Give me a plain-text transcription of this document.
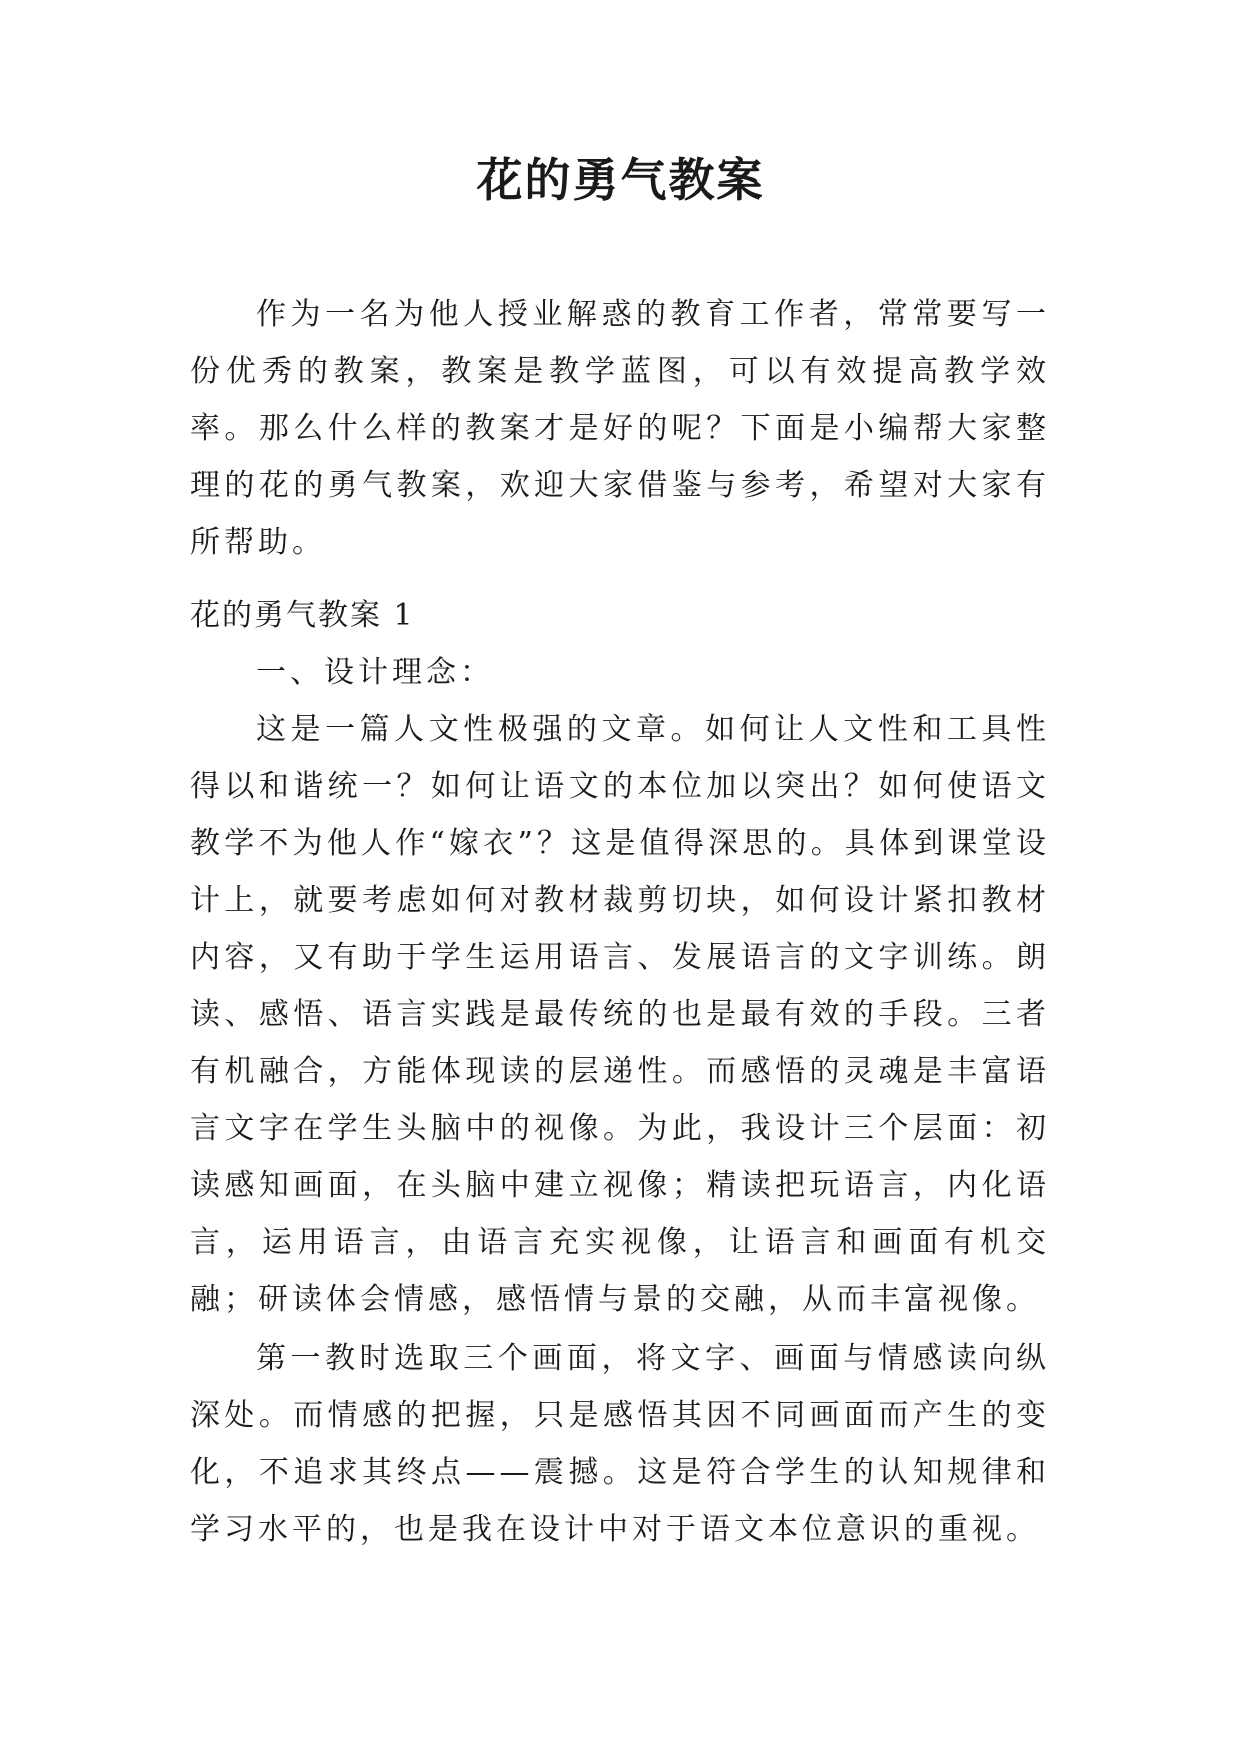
花的勇气教案

作为一名为他人授业解惑的教育工作者，常常要写一份优秀的教案，教案是教学蓝图，可以有效提高教学效率。那么什么样的教案才是好的呢？下面是小编帮大家整理的花的勇气教案，欢迎大家借鉴与参考，希望对大家有所帮助。

花的勇气教案 1

一、设计理念：

这是一篇人文性极强的文章。如何让人文性和工具性得以和谐统一？如何让语文的本位加以突出？如何使语文教学不为他人作“嫁衣”？这是值得深思的。具体到课堂设计上，就要考虑如何对教材裁剪切块，如何设计紧扣教材内容，又有助于学生运用语言、发展语言的文字训练。朗读、感悟、语言实践是最传统的也是最有效的手段。三者有机融合，方能体现读的层递性。而感悟的灵魂是丰富语言文字在学生头脑中的视像。为此，我设计三个层面：初读感知画面，在头脑中建立视像；精读把玩语言，内化语言，运用语言，由语言充实视像，让语言和画面有机交融；研读体会情感，感悟情与景的交融，从而丰富视像。

第一教时选取三个画面，将文字、画面与情感读向纵深处。而情感的把握，只是感悟其因不同画面而产生的变化，不追求其终点——震撼。这是符合学生的认知规律和学习水平的，也是我在设计中对于语文本位意识的重视。
